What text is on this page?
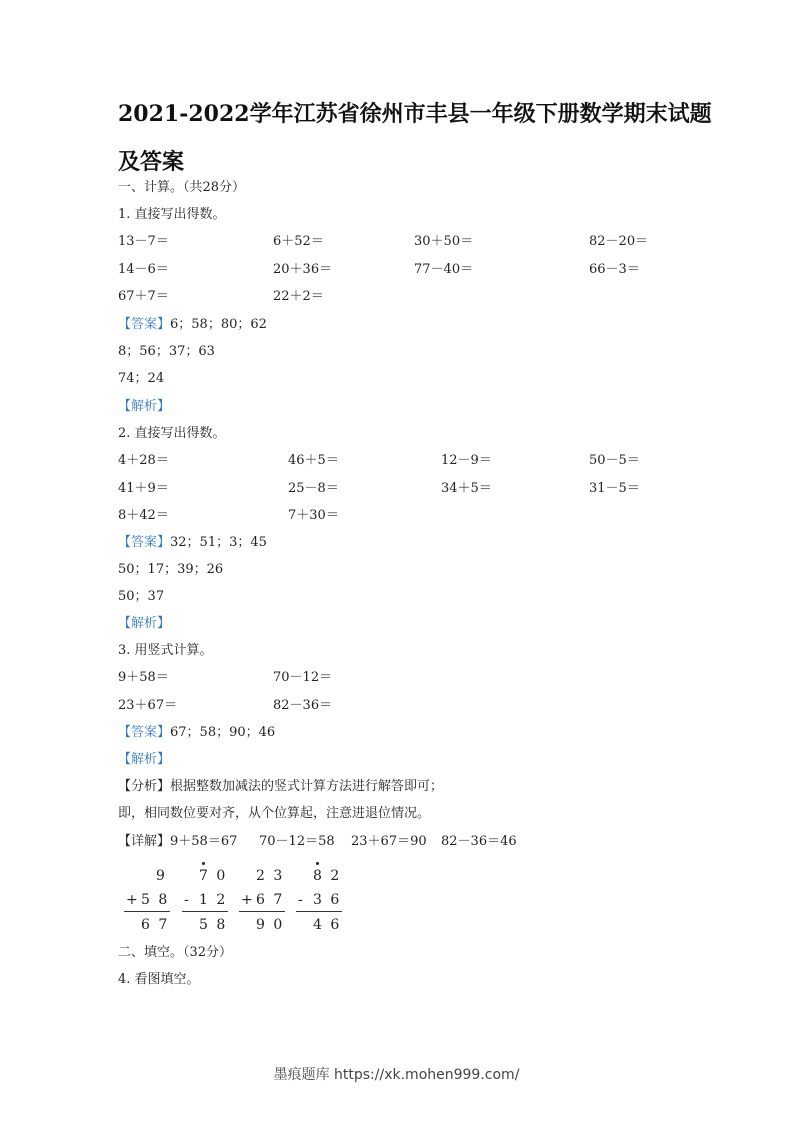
2021-2022学年江苏省徐州市丰县一年级下册数学期末试题
及答案
一、计算。（共28分）
1. 直接写出得数。
13－7＝	6＋52＝	30＋50＝	82－20＝
14－6＝	20＋36＝	77－40＝	66－3＝
67＋7＝	22＋2＝
【答案】6；58；80；62
8；56；37；63
74；24
【解析】
2. 直接写出得数。
4＋28＝	46＋5＝	12－9＝	50－5＝
41＋9＝	25－8＝	34＋5＝	31－5＝
8＋42＝	7＋30＝
【答案】32；51；3；45
50；17；39；26
50；37
【解析】
3. 用竖式计算。
9＋58＝	70－12＝
23＋67＝	82－36＝
【答案】67；58；90；46
【解析】
【分析】根据整数加减法的竖式计算方法进行解答即可；
即，相同数位要对齐，从个位算起，注意进退位情况。
【详解】9＋58＝67 70－12＝58 23＋67＝90 82－36＝46
9
+ 5 8
6 7
7 0
- 1 2
5 8
2 3
+ 6 7
9 0
8 2
- 3 6
4 6
二、填空。（32分）
4. 看图填空。
墨痕题库 https://xk.mohen999.com/
